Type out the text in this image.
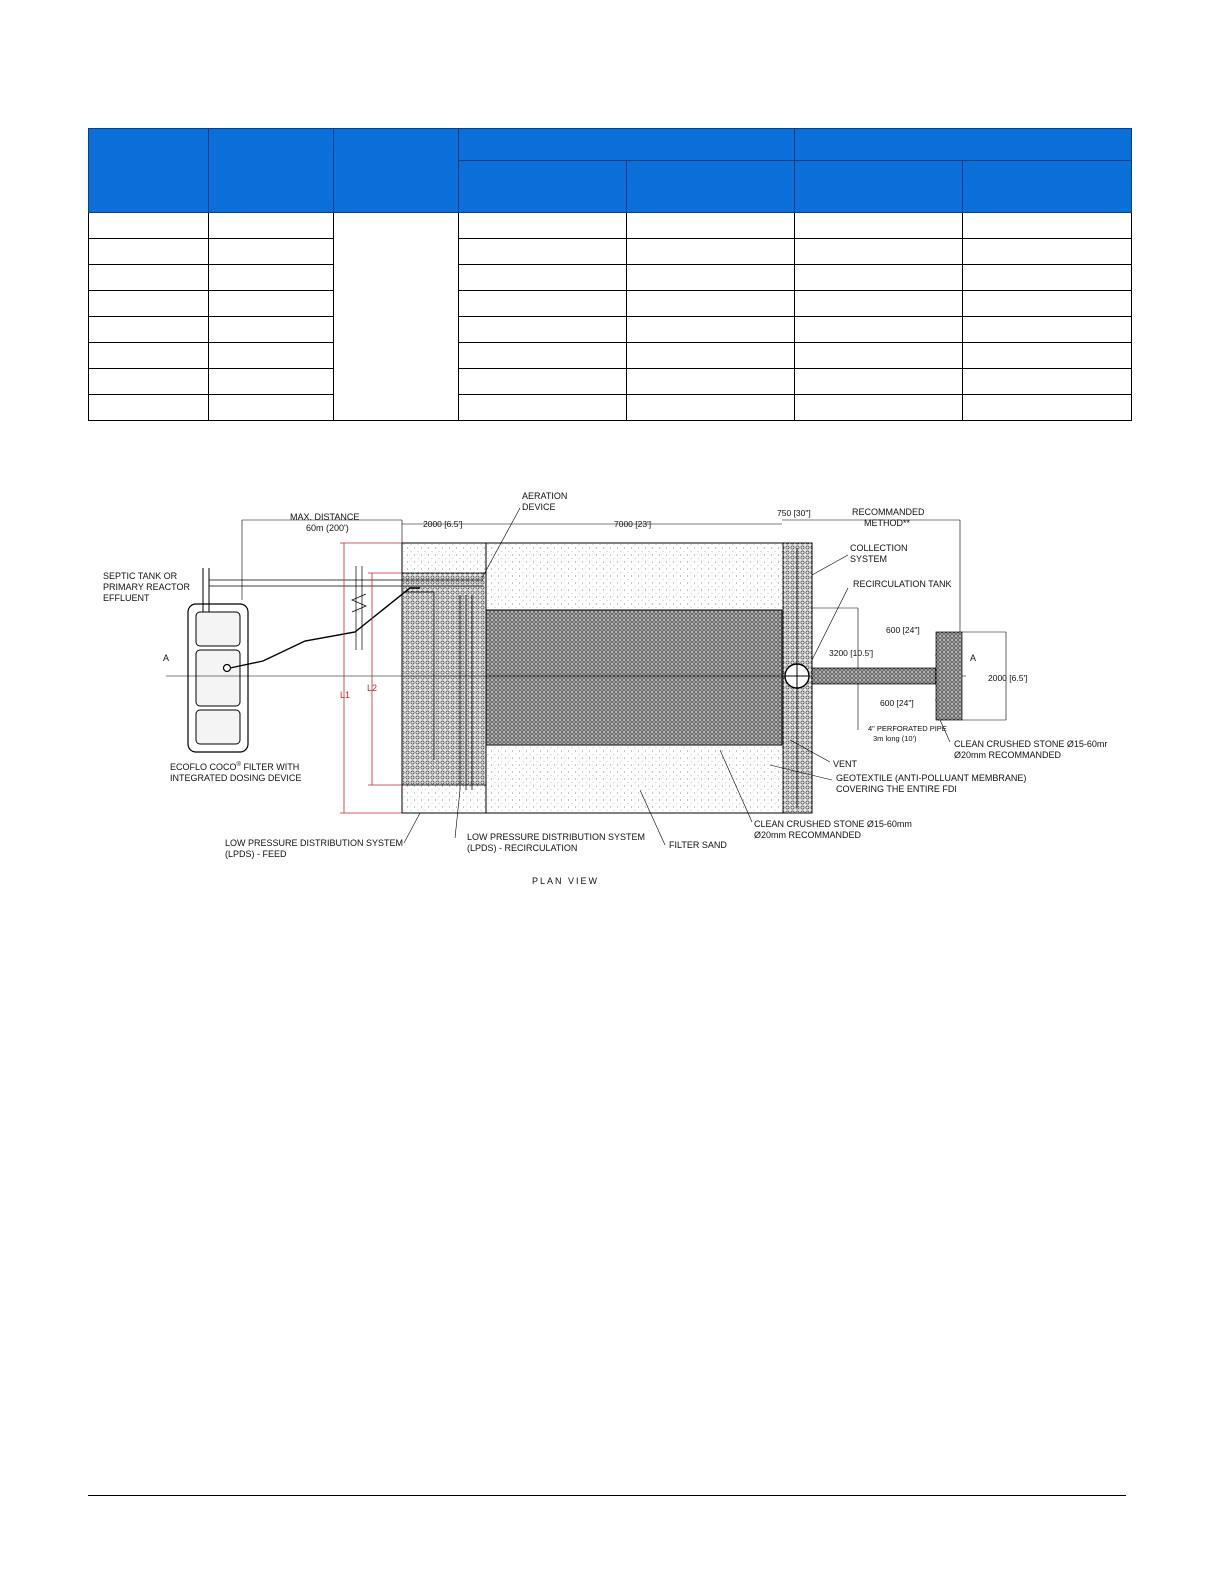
MAX. DISTANCE
60m (200')
AERATION
DEVICE
2000 [6.5']	7000 [23']
750 [30"]	RECOMMANDED
METHOD**
COLLECTION
SYSTEM
RECIRCULATION TANK
SEPTIC TANK OR
PRIMARY REACTOR
EFFLUENT
600 [24"]
3200 [10.5']
A	A
2000 [6.5']
L2
L1
600 [24"]
4" PERFORATED PIPE
3m long (10')
CLEAN CRUSHED STONE Ø15-60mr
Ø20mm RECOMMANDED
VENT
ECOFLO COCO® FILTER WITH
INTEGRATED DOSING DEVICE	GEOTEXTILE (ANTI-POLLUANT MEMBRANE)
COVERING THE ENTIRE FDI
CLEAN CRUSHED STONE Ø15-60mm
Ø20mm RECOMMANDED
LOW PRESSURE DISTRIBUTION SYSTEM
(LPDS) - RECIRCULATION
LOW PRESSURE DISTRIBUTION SYSTEM
(LPDS) - FEED
FILTER SAND
PLAN VIEW
